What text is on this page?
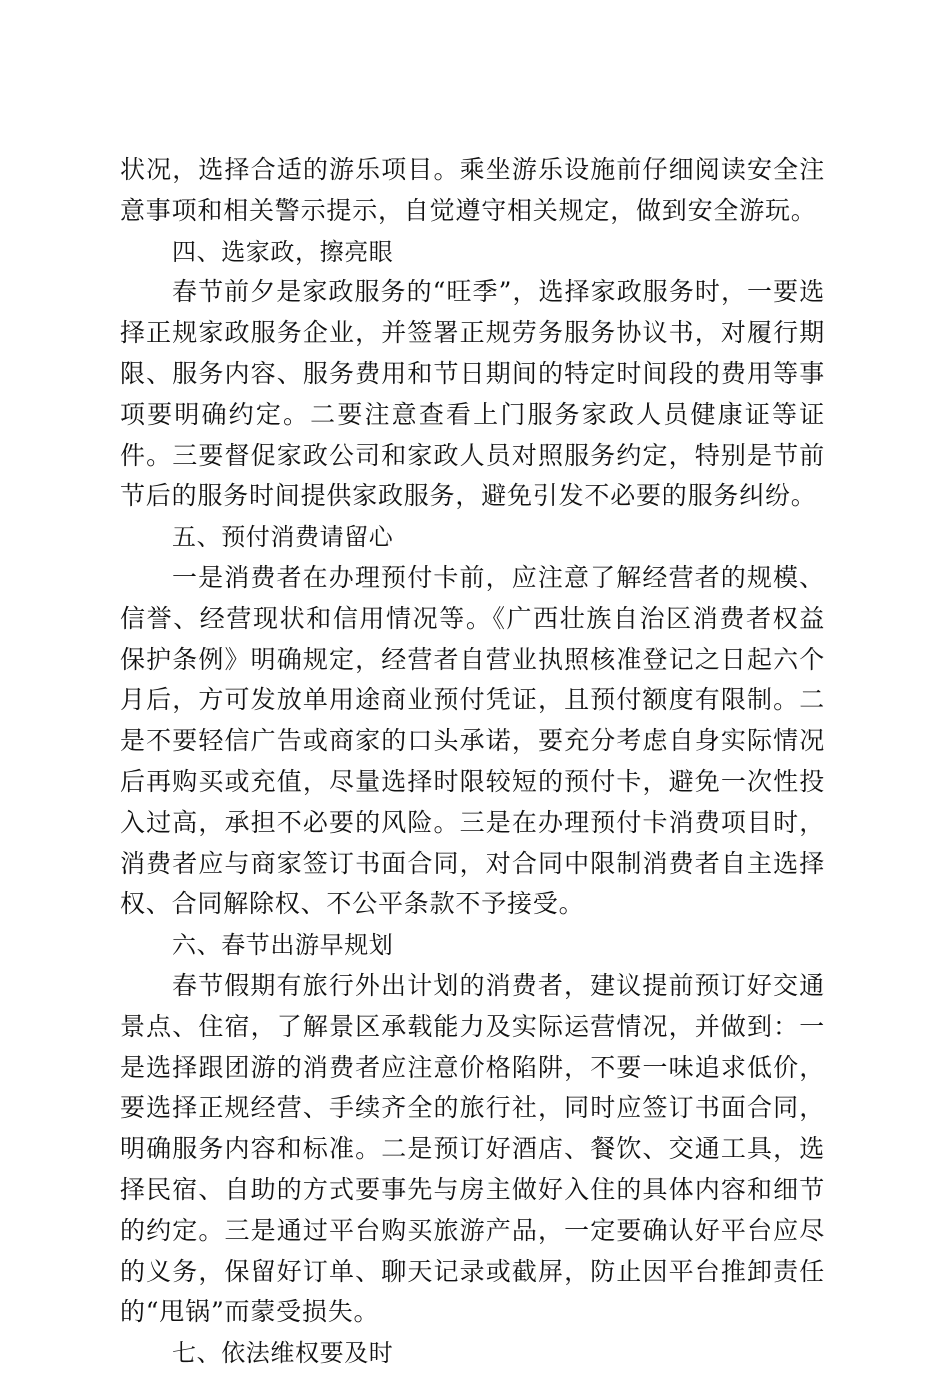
状况，选择合适的游乐项目。乘坐游乐设施前仔细阅读安全注意事项和相关警示提示，自觉遵守相关规定，做到安全游玩。

四、选家政，擦亮眼

春节前夕是家政服务的“旺季”，选择家政服务时，一要选择正规家政服务企业，并签署正规劳务服务协议书，对履行期限、服务内容、服务费用和节日期间的特定时间段的费用等事项要明确约定。二要注意查看上门服务家政人员健康证等证件。三要督促家政公司和家政人员对照服务约定，特别是节前节后的服务时间提供家政服务，避免引发不必要的服务纠纷。

五、预付消费请留心

一是消费者在办理预付卡前，应注意了解经营者的规模、信誉、经营现状和信用情况等。《广西壮族自治区消费者权益保护条例》明确规定，经营者自营业执照核准登记之日起六个月后，方可发放单用途商业预付凭证，且预付额度有限制。二是不要轻信广告或商家的口头承诺，要充分考虑自身实际情况后再购买或充值，尽量选择时限较短的预付卡，避免一次性投入过高，承担不必要的风险。三是在办理预付卡消费项目时，消费者应与商家签订书面合同，对合同中限制消费者自主选择权、合同解除权、不公平条款不予接受。

六、春节出游早规划

春节假期有旅行外出计划的消费者，建议提前预订好交通景点、住宿，了解景区承载能力及实际运营情况，并做到：一是选择跟团游的消费者应注意价格陷阱，不要一味追求低价，要选择正规经营、手续齐全的旅行社，同时应签订书面合同，明确服务内容和标准。二是预订好酒店、餐饮、交通工具，选择民宿、自助的方式要事先与房主做好入住的具体内容和细节的约定。三是通过平台购买旅游产品，一定要确认好平台应尽的义务，保留好订单、聊天记录或截屏，防止因平台推卸责任的“甩锅”而蒙受损失。

七、依法维权要及时
